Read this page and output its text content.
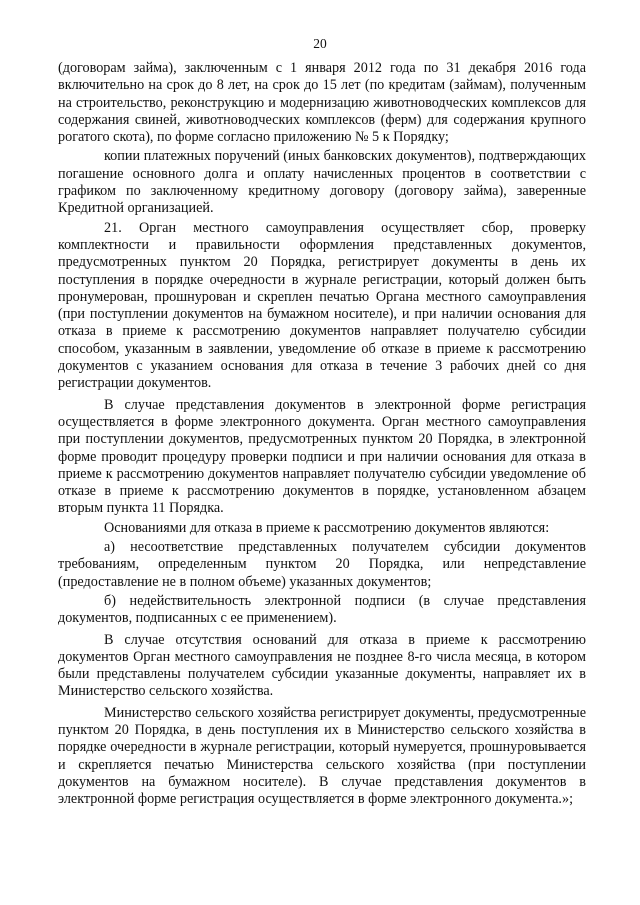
20

(договорам займа), заключенным с 1 января 2012 года по 31 декабря 2016 года включительно на срок до 8 лет, на срок до 15 лет (по кредитам (займам), полученным на строительство, реконструкцию и модернизацию животноводческих комплексов для содержания свиней, животноводческих комплексов (ферм) для содержания крупного рогатого скота), по форме согласно приложению № 5 к Порядку;

копии платежных поручений (иных банковских документов), подтверждающих погашение основного долга и оплату начисленных процентов в соответствии с графиком по заключенному кредитному договору (договору займа), заверенные Кредитной организацией.

21. Орган местного самоуправления осуществляет сбор, проверку комплектности и правильности оформления представленных документов, предусмотренных пунктом 20 Порядка, регистрирует документы в день их поступления в порядке очередности в журнале регистрации, который должен быть пронумерован, прошнурован и скреплен печатью Органа местного самоуправления (при поступлении документов на бумажном носителе), и при наличии основания для отказа в приеме к рассмотрению документов направляет получателю субсидии способом, указанным в заявлении, уведомление об отказе в приеме к рассмотрению документов с указанием основания для отказа в течение 3 рабочих дней со дня регистрации документов.

В случае представления документов в электронной форме регистрация осуществляется в форме электронного документа. Орган местного самоуправления при поступлении документов, предусмотренных пунктом 20 Порядка, в электронной форме проводит процедуру проверки подписи и при наличии основания для отказа в приеме к рассмотрению документов направляет получателю субсидии уведомление об отказе в приеме к рассмотрению документов в порядке, установленном абзацем вторым пункта 11 Порядка.

Основаниями для отказа в приеме к рассмотрению документов являются:

а) несоответствие представленных получателем субсидии документов требованиям, определенным пунктом 20 Порядка, или непредставление (предоставление не в полном объеме) указанных документов;

б) недействительность электронной подписи (в случае представления документов, подписанных с ее применением).

В случае отсутствия оснований для отказа в приеме к рассмотрению документов Орган местного самоуправления не позднее 8-го числа месяца, в котором были представлены получателем субсидии указанные документы, направляет их в Министерство сельского хозяйства.

Министерство сельского хозяйства регистрирует документы, предусмотренные пунктом 20 Порядка, в день поступления их в Министерство сельского хозяйства в порядке очередности в журнале регистрации, который нумеруется, прошнуровывается и скрепляется печатью Министерства сельского хозяйства (при поступлении документов на бумажном носителе). В случае представления документов в электронной форме регистрация осуществляется в форме электронного документа.»;
